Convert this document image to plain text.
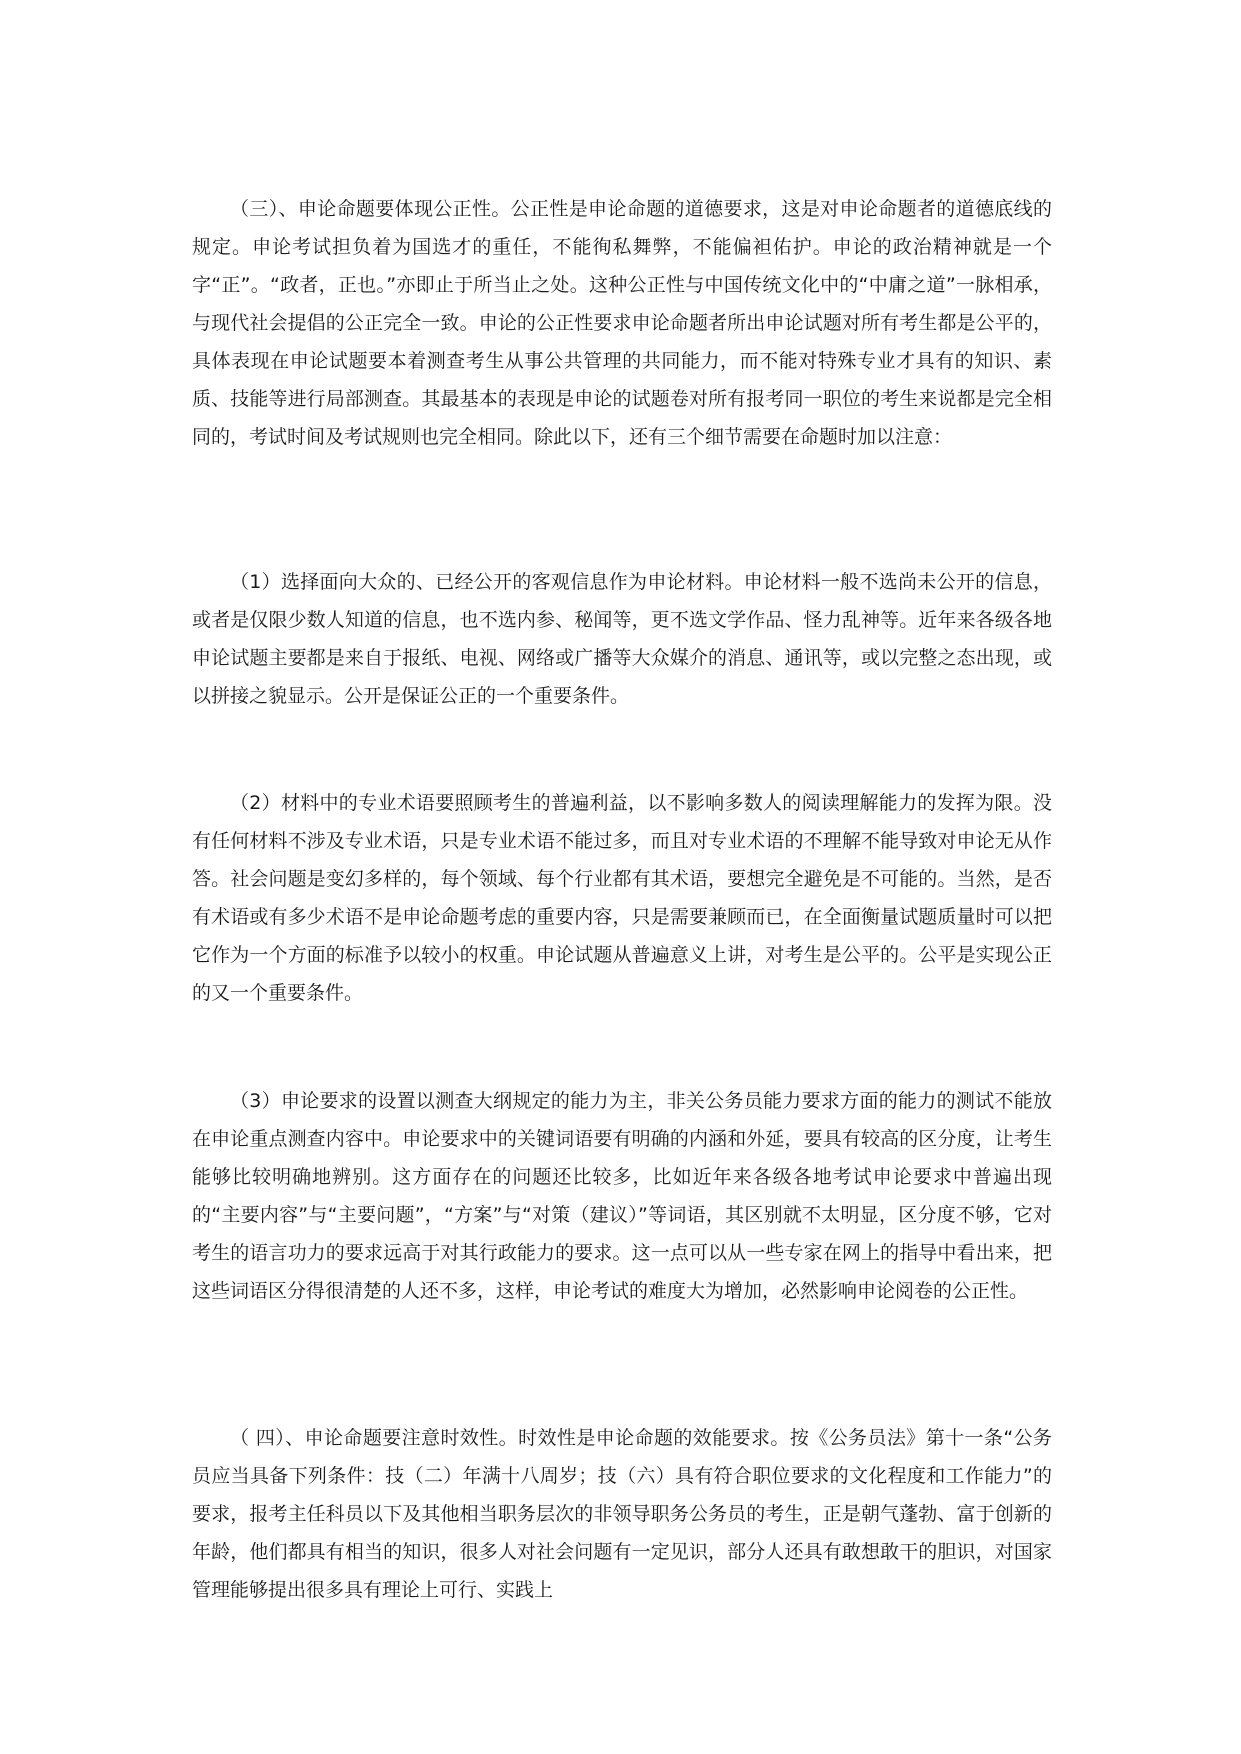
（三）、申论命题要体现公正性。公正性是申论命题的道德要求，这是对申论命题者的道德底线的规定。申论考试担负着为国选才的重任，不能徇私舞弊，不能偏袒佑护。申论的政治精神就是一个字“正”。“政者，正也。”亦即止于所当止之处。这种公正性与中国传统文化中的“中庸之道”一脉相承，与现代社会提倡的公正完全一致。申论的公正性要求申论命题者所出申论试题对所有考生都是公平的，具体表现在申论试题要本着测查考生从事公共管理的共同能力，而不能对特殊专业才具有的知识、素质、技能等进行局部测查。其最基本的表现是申论的试题卷对所有报考同一职位的考生来说都是完全相同的，考试时间及考试规则也完全相同。除此以下，还有三个细节需要在命题时加以注意：

（1）选择面向大众的、已经公开的客观信息作为申论材料。申论材料一般不选尚未公开的信息，或者是仅限少数人知道的信息，也不选内参、秘闻等，更不选文学作品、怪力乱神等。近年来各级各地申论试题主要都是来自于报纸、电视、网络或广播等大众媒介的消息、通讯等，或以完整之态出现，或以拼接之貌显示。公开是保证公正的一个重要条件。

（2）材料中的专业术语要照顾考生的普遍利益，以不影响多数人的阅读理解能力的发挥为限。没有任何材料不涉及专业术语，只是专业术语不能过多，而且对专业术语的不理解不能导致对申论无从作答。社会问题是变幻多样的，每个领域、每个行业都有其术语，要想完全避免是不可能的。当然，是否有术语或有多少术语不是申论命题考虑的重要内容，只是需要兼顾而已，在全面衡量试题质量时可以把它作为一个方面的标准予以较小的权重。申论试题从普遍意义上讲，对考生是公平的。公平是实现公正的又一个重要条件。

（3）申论要求的设置以测查大纲规定的能力为主，非关公务员能力要求方面的能力的测试不能放在申论重点测查内容中。申论要求中的关键词语要有明确的内涵和外延，要具有较高的区分度，让考生能够比较明确地辨别。这方面存在的问题还比较多，比如近年来各级各地考试申论要求中普遍出现的“主要内容”与“主要问题”，“方案”与“对策（建议）”等词语，其区别就不太明显，区分度不够，它对考生的语言功力的要求远高于对其行政能力的要求。这一点可以从一些专家在网上的指导中看出来，把这些词语区分得很清楚的人还不多，这样，申论考试的难度大为增加，必然影响申论阅卷的公正性。

（ 四）、申论命题要注意时效性。时效性是申论命题的效能要求。按《公务员法》第十一条“公务员应当具备下列条件：技（二）年满十八周岁；技（六）具有符合职位要求的文化程度和工作能力”的要求，报考主任科员以下及其他相当职务层次的非领导职务公务员的考生，正是朝气蓬勃、富于创新的年龄，他们都具有相当的知识，很多人对社会问题有一定见识，部分人还具有敢想敢干的胆识，对国家管理能够提出很多具有理论上可行、实践上
